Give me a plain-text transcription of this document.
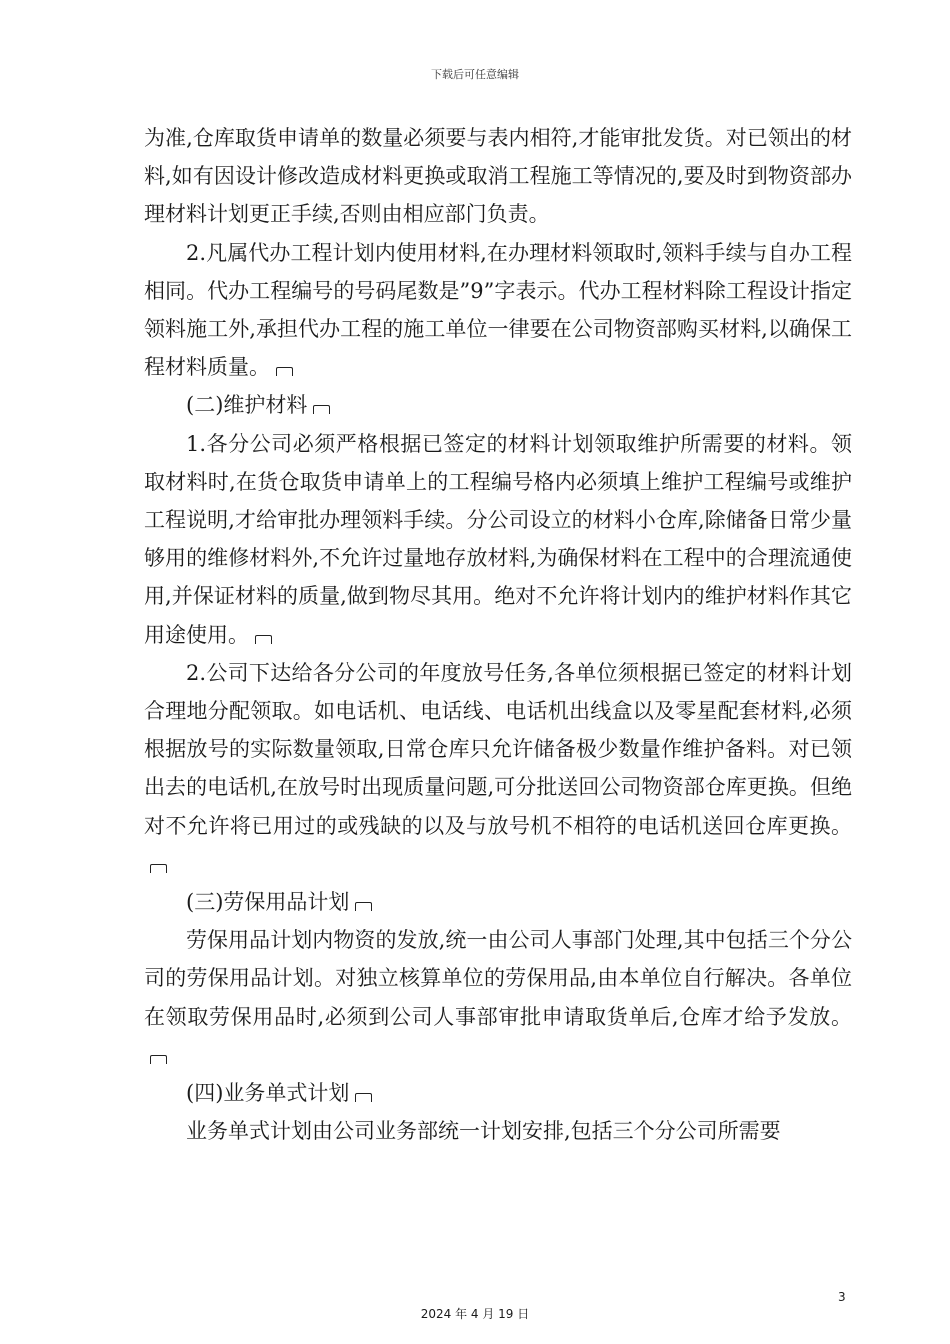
下载后可任意编辑

为准,仓库取货申请单的数量必须要与表内相符,才能审批发货。对已领出的材料,如有因设计修改造成材料更换或取消工程施工等情况的,要及时到物资部办理材料计划更正手续,否则由相应部门负责。

2.凡属代办工程计划内使用材料,在办理材料领取时,领料手续与自办工程相同。代办工程编号的号码尾数是”9”字表示。代办工程材料除工程设计指定领料施工外,承担代办工程的施工单位一律要在公司物资部购买材料,以确保工程材料质量。

(二)维护材料

1.各分公司必须严格根据已签定的材料计划领取维护所需要的材料。领取材料时,在货仓取货申请单上的工程编号格内必须填上维护工程编号或维护工程说明,才给审批办理领料手续。分公司设立的材料小仓库,除储备日常少量够用的维修材料外,不允许过量地存放材料,为确保材料在工程中的合理流通使用,并保证材料的质量,做到物尽其用。绝对不允许将计划内的维护材料作其它用途使用。

2.公司下达给各分公司的年度放号任务,各单位须根据已签定的材料计划合理地分配领取。如电话机、电话线、电话机出线盒以及零星配套材料,必须根据放号的实际数量领取,日常仓库只允许储备极少数量作维护备料。对已领出去的电话机,在放号时出现质量问题,可分批送回公司物资部仓库更换。但绝对不允许将已用过的或残缺的以及与放号机不相符的电话机送回仓库更换。

(三)劳保用品计划

劳保用品计划内物资的发放,统一由公司人事部门处理,其中包括三个分公司的劳保用品计划。对独立核算单位的劳保用品,由本单位自行解决。各单位在领取劳保用品时,必须到公司人事部审批申请取货单后,仓库才给予发放。

(四)业务单式计划

业务单式计划由公司业务部统一计划安排,包括三个分公司所需要

3
2024 年 4 月 19 日
